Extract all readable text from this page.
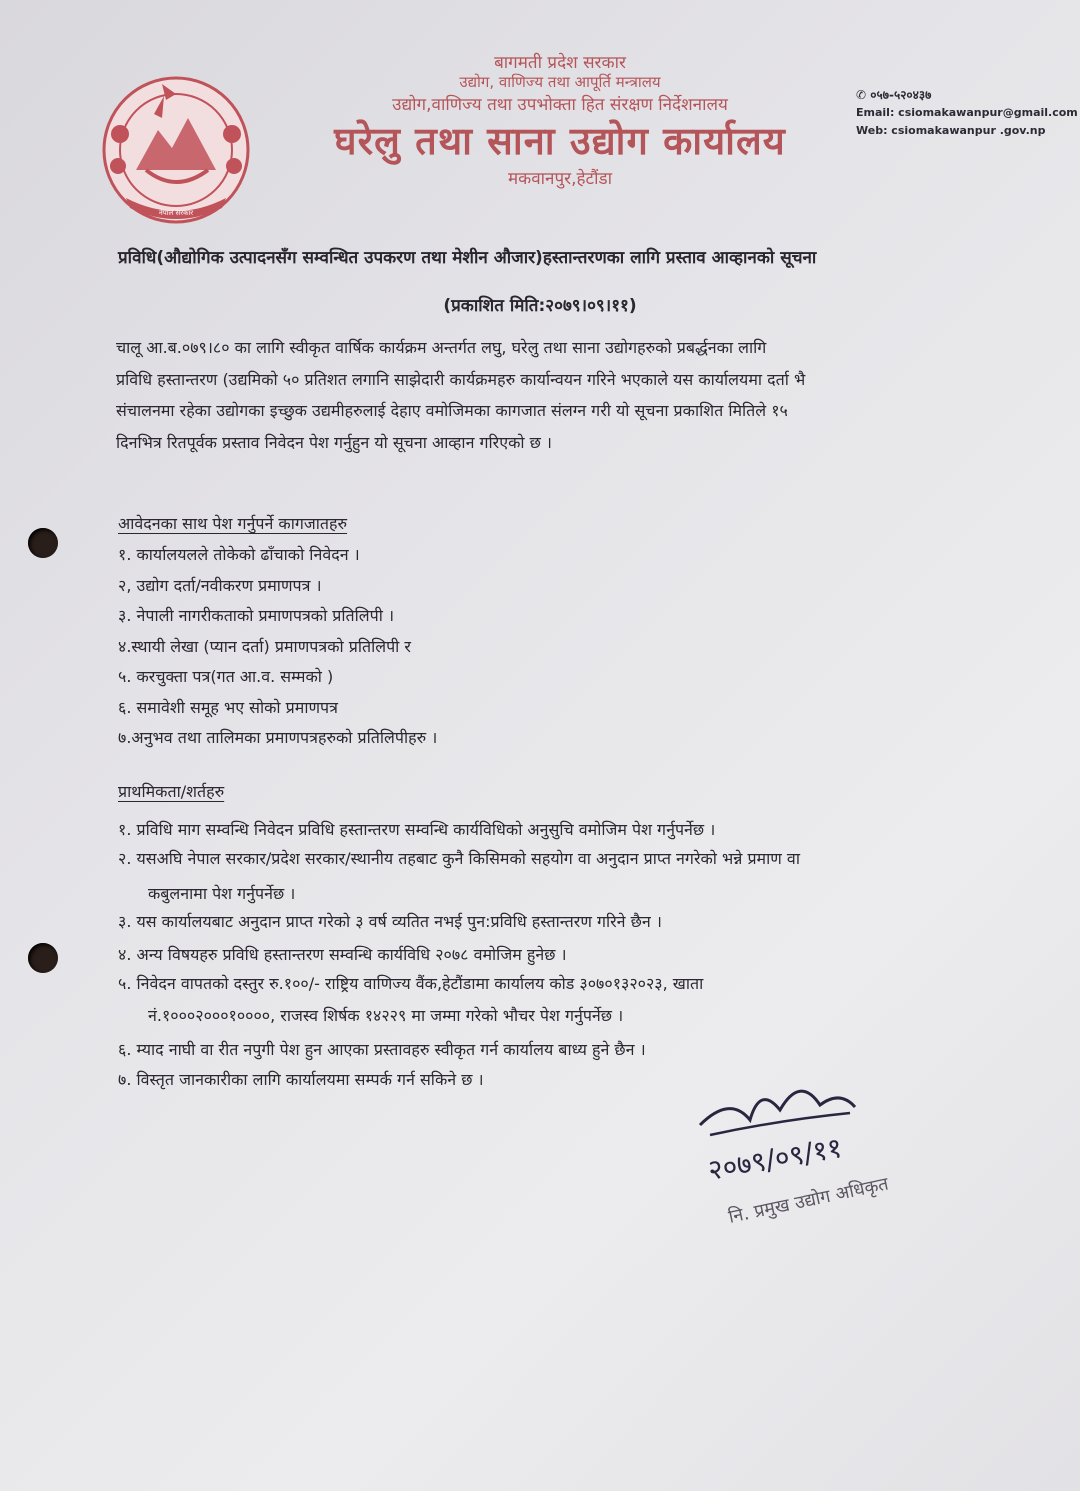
नेपाल सरकार
बागमती प्रदेश सरकार
उद्योग, वाणिज्य तथा आपूर्ति मन्त्रालय
उद्योग,वाणिज्य तथा उपभोक्ता हित संरक्षण निर्देशनालय
घरेलु तथा साना उद्योग कार्यालय
मकवानपुर,हेटौंडा
✆ ०५७-५२०४३७
Email: csiomakawanpur@gmail.com
Web: csiomakawanpur .gov.np
प्रविधि(औद्योगिक उत्पादनसँग सम्वन्धित उपकरण तथा मेशीन औजार)हस्तान्तरणका लागि प्रस्ताव आव्हानको सूचना
(प्रकाशित मिति:२०७९।०९।११)
चालू आ.ब.०७९।८० का लागि स्वीकृत वार्षिक कार्यक्रम अन्तर्गत लघु, घरेलु तथा साना उद्योगहरुको प्रबर्द्धनका लागि
प्रविधि हस्तान्तरण (उद्यमिको ५० प्रतिशत लगानि साझेदारी कार्यक्रमहरु कार्यान्वयन गरिने भएकाले यस कार्यालयमा दर्ता भै
संचालनमा रहेका उद्योगका इच्छुक उद्यमीहरुलाई देहाए वमोजिमका कागजात संलग्न गरी यो सूचना प्रकाशित मितिले १५
दिनभित्र रितपूर्वक प्रस्ताव निवेदन पेश गर्नुहुन यो सूचना आव्हान गरिएको छ ।
आवेदनका साथ पेश गर्नुपर्ने कागजातहरु
१. कार्यालयलले तोकेको ढाँचाको निवेदन ।
२, उद्योग दर्ता/नवीकरण प्रमाणपत्र ।
३. नेपाली नागरीकताको प्रमाणपत्रको प्रतिलिपी ।
४.स्थायी लेखा (प्यान दर्ता) प्रमाणपत्रको प्रतिलिपी र
५. करचुक्ता पत्र(गत आ.व. सम्मको )
६. समावेशी समूह भए सोको प्रमाणपत्र
७.अनुभव तथा तालिमका प्रमाणपत्रहरुको प्रतिलिपीहरु ।
प्राथमिकता/शर्तहरु
१. प्रविधि माग सम्वन्धि निवेदन प्रविधि हस्तान्तरण सम्वन्धि कार्यविधिको अनुसुचि वमोजिम पेश गर्नुपर्नेछ ।
२. यसअघि नेपाल सरकार/प्रदेश सरकार/स्थानीय तहबाट कुनै किसिमको सहयोग वा अनुदान प्राप्त नगरेको भन्ने प्रमाण वा
कबुलनामा पेश गर्नुपर्नेछ ।
३. यस कार्यालयबाट अनुदान प्राप्त गरेको ३ वर्ष व्यतित नभई पुन:प्रविधि हस्तान्तरण गरिने छैन ।
४. अन्य विषयहरु प्रविधि हस्तान्तरण सम्वन्धि कार्यविधि २०७८ वमोजिम हुनेछ ।
५. निवेदन वापतको दस्तुर रु.१००/- राष्ट्रिय वाणिज्य वैंक,हेटौंडामा कार्यालय कोड ३०७०१३२०२३, खाता
नं.१०००२०००१००००, राजस्व शिर्षक १४२२९ मा जम्मा गरेको भौचर पेश गर्नुपर्नेछ ।
६. म्याद नाघी वा रीत नपुगी पेश हुन आएका प्रस्तावहरु स्वीकृत गर्न कार्यालय बाध्य हुने छैन ।
७. विस्तृत जानकारीका लागि कार्यालयमा सम्पर्क गर्न सकिने छ ।
२०७९/०९/११
नि. प्रमुख उद्योग अधिकृत
